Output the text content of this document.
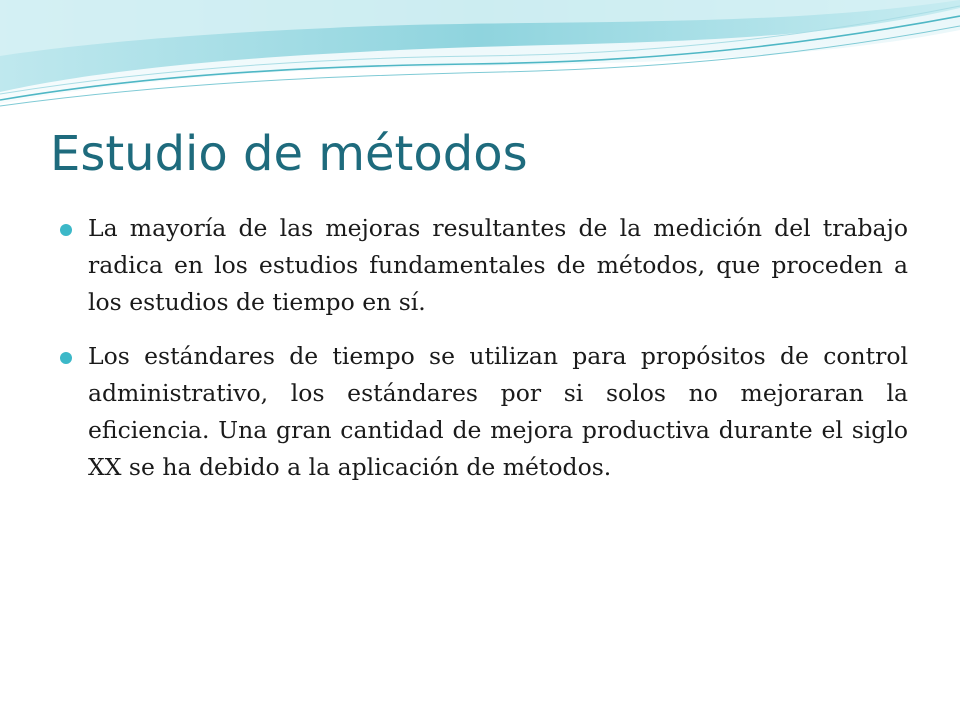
Estudio de métodos
La mayoría de las mejoras resultantes de la medición del trabajo radica en los estudios fundamentales de métodos, que proceden a los estudios de tiempo en sí.
Los estándares de tiempo se utilizan para propósitos de control administrativo, los estándares por si solos no mejoraran la eficiencia. Una gran cantidad de mejora productiva durante el siglo XX se ha debido a la aplicación de métodos.
